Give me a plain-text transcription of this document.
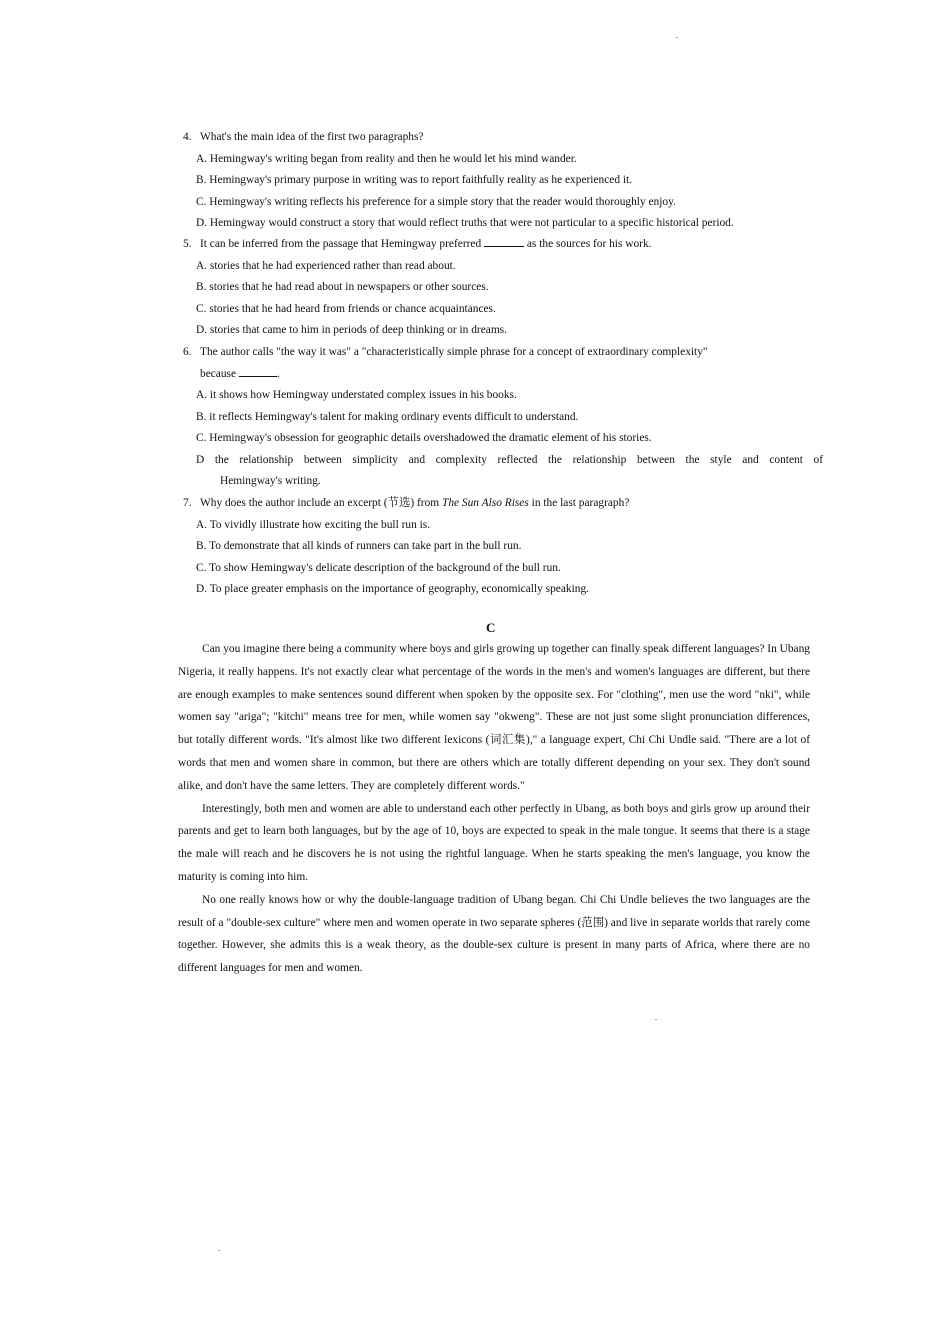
4. What's the main idea of the first two paragraphs?
A. Hemingway's writing began from reality and then he would let his mind wander.
B. Hemingway's primary purpose in writing was to report faithfully reality as he experienced it.
C. Hemingway's writing reflects his preference for a simple story that the reader would thoroughly enjoy.
D. Hemingway would construct a story that would reflect truths that were not particular to a specific historical period.
5. It can be inferred from the passage that Hemingway preferred	as the sources for his work.
A. stories that he had experienced rather than read about.
B. stories that he had read about in newspapers or other sources.
C. stories that he had heard from friends or chance acquaintances.
D. stories that came to him in periods of deep thinking or in dreams.
6. The author calls "the way it was" a "characteristically simple phrase for a concept of extraordinary complexity"
because	.
A. it shows how Hemingway understated complex issues in his books.
B. it reflects Hemingway's talent for making ordinary events difficult to understand.
C. Hemingway's obsession for geographic details overshadowed the dramatic element of his stories.
D the relationship between simplicity and complexity reflected the relationship between the style and content of
Hemingway's writing.
7. Why does the author include an excerpt (节选) from The Sun Also Rises in the last paragraph?
A. To vividly illustrate how exciting the bull run is.
B. To demonstrate that all kinds of runners can take part in the bull run.
C. To show Hemingway's delicate description of the background of the bull run.
D. To place greater emphasis on the importance of geography, economically speaking.
C

Can you imagine there being a community where boys and girls growing up together can finally speak different languages? In Ubang Nigeria, it really happens. It's not exactly clear what percentage of the words in the men's and women's languages are different, but there are enough examples to make sentences sound different when spoken by the opposite sex. For "clothing", men use the word "nki", while women say "ariga"; "kitchi" means tree for men, while women say "okweng". These are not just some slight pronunciation differences, but totally different words. "It's almost like two different lexicons (词汇集)," a language expert, Chi Chi Undle said. "There are a lot of words that men and women share in common, but there are others which are totally different depending on your sex. They don't sound alike, and don't have the same letters. They are completely different words."

Interestingly, both men and women are able to understand each other perfectly in Ubang, as both boys and girls grow up around their parents and get to learn both languages, but by the age of 10, boys are expected to speak in the male tongue. It seems that there is a stage the male will reach and he discovers he is not using the rightful language. When he starts speaking the men's language, you know the maturity is coming into him.

No one really knows how or why the double-language tradition of Ubang began. Chi Chi Undle believes the two languages are the result of a "double-sex culture" where men and women operate in two separate spheres (范围) and live in separate worlds that rarely come together. However, she admits this is a weak theory, as the double-sex culture is present in many parts of Africa, where there are no different languages for men and women.
